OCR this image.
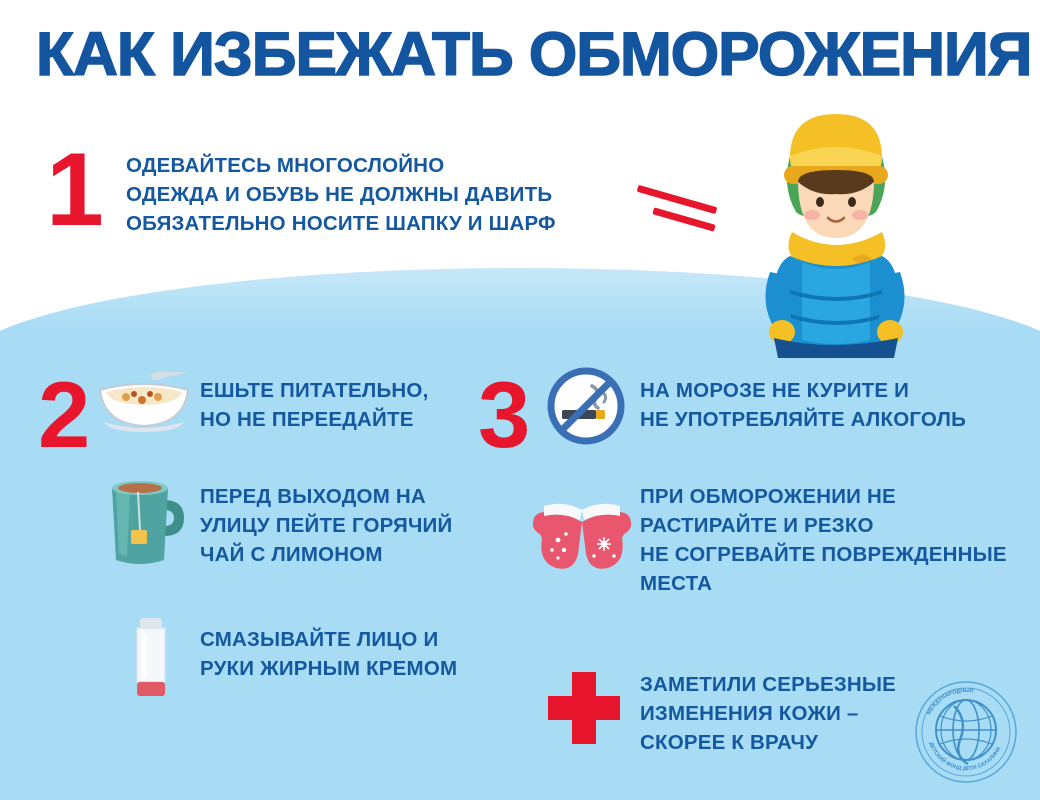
КАК ИЗБЕЖАТЬ ОБМОРОЖЕНИЯ
1 ОДЕВАЙТЕСЬ МНОГОСЛОЙНО
ОДЕЖДА И ОБУВЬ НЕ ДОЛЖНЫ ДАВИТЬ
ОБЯЗАТЕЛЬНО НОСИТЕ ШАПКУ И ШАРФ
2	ЕШЬТЕ ПИТАТЕЛЬНО,
НО НЕ ПЕРЕЕДАЙТЕ
ПЕРЕД ВЫХОДОМ НА
УЛИЦУ ПЕЙТЕ ГОРЯЧИЙ
ЧАЙ С ЛИМОНОМ
СМАЗЫВАЙТЕ ЛИЦО И
РУКИ ЖИРНЫМ КРЕМОМ
3	НА МОРОЗЕ НЕ КУРИТЕ И
НЕ УПОТРЕБЛЯЙТЕ АЛКОГОЛЬ
ПРИ ОБМОРОЖЕНИИ НЕ
РАСТИРАЙТЕ И РЕЗКО
НЕ СОГРЕВАЙТЕ ПОВРЕЖДЕННЫЕ
МЕСТА
ЗАМЕТИЛИ СЕРЬЕЗНЫЕ
ИЗМЕНЕНИЯ КОЖИ –
СКОРЕЕ К ВРАЧУ
МЕЖДУНАРОДНЫЙ
ДЕТСКИЙ ФОНД ДЕТИ САХАЛИНА
